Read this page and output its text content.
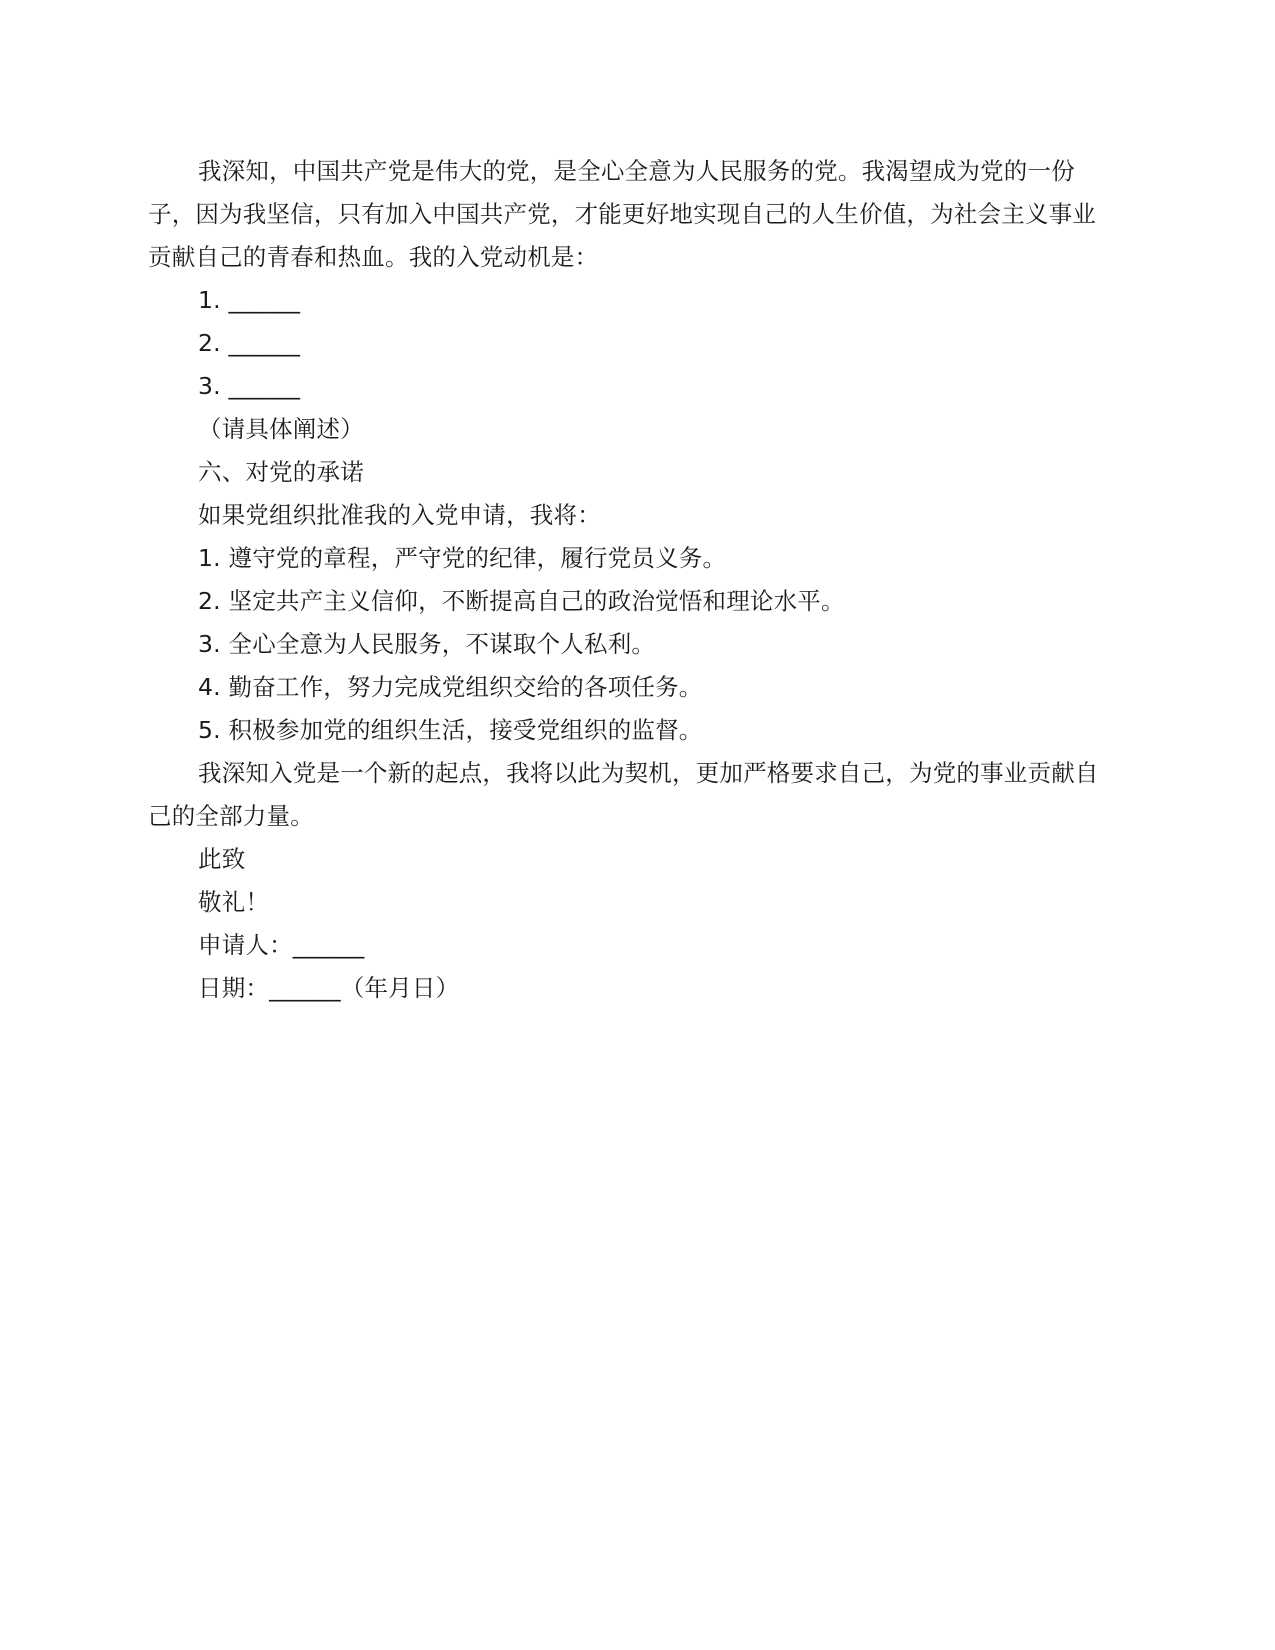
我深知，中国共产党是伟大的党，是全心全意为人民服务的党。我渴望成为党的一份子，因为我坚信，只有加入中国共产党，才能更好地实现自己的人生价值，为社会主义事业贡献自己的青春和热血。我的入党动机是：

1. ______

2. ______

3. ______

（请具体阐述）

六、对党的承诺

如果党组织批准我的入党申请，我将：

1. 遵守党的章程，严守党的纪律，履行党员义务。

2. 坚定共产主义信仰，不断提高自己的政治觉悟和理论水平。

3. 全心全意为人民服务，不谋取个人私利。

4. 勤奋工作，努力完成党组织交给的各项任务。

5. 积极参加党的组织生活，接受党组织的监督。

我深知入党是一个新的起点，我将以此为契机，更加严格要求自己，为党的事业贡献自己的全部力量。

此致

敬礼！

申请人：______

日期：______（年月日）
